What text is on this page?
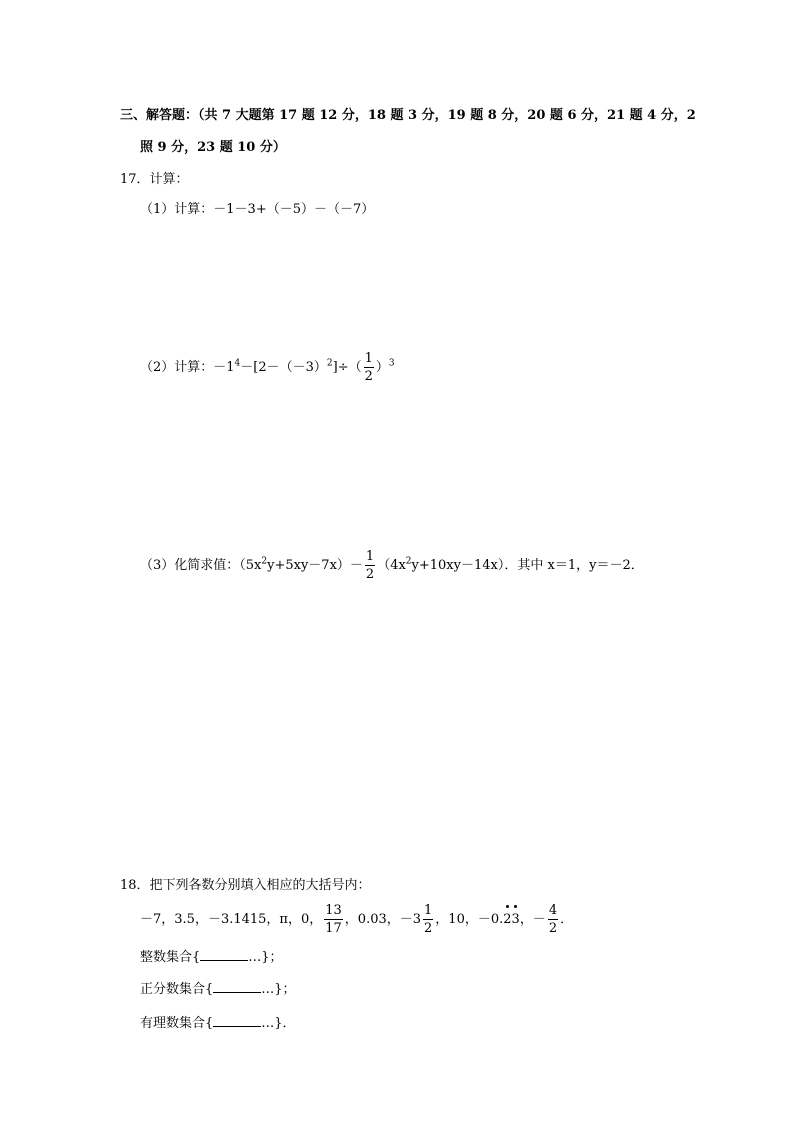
三、解答题：（共 7 大题第 17 题 12 分，18 题 3 分，19 题 8 分，20 题 6 分，21 题 4 分，2
照 9 分，23 题 10 分）
17．计算：
（1）计算：－1－3+（－5）－（－7）
（2）计算：$-1^4-[2-(-3)^2]\div( \frac{1}{2} )^3$
（3）化简求值：$(5x^2y+5xy-7x)- \frac{1}{2} (4x^2y+10xy-14x)$．其中 x＝1，y＝－2．
18．把下列各数分别填入相应的大括号内：
－7，3.5，－3.1415，π，0， $\frac{13}{17}$ ，0.03，$-3 \frac{1}{2}$ ，10，－0.23，－ $\frac{4}{2}$ ．
整数集合{	…}；
正分数集合{	…}；
有理数集合{	…}．
